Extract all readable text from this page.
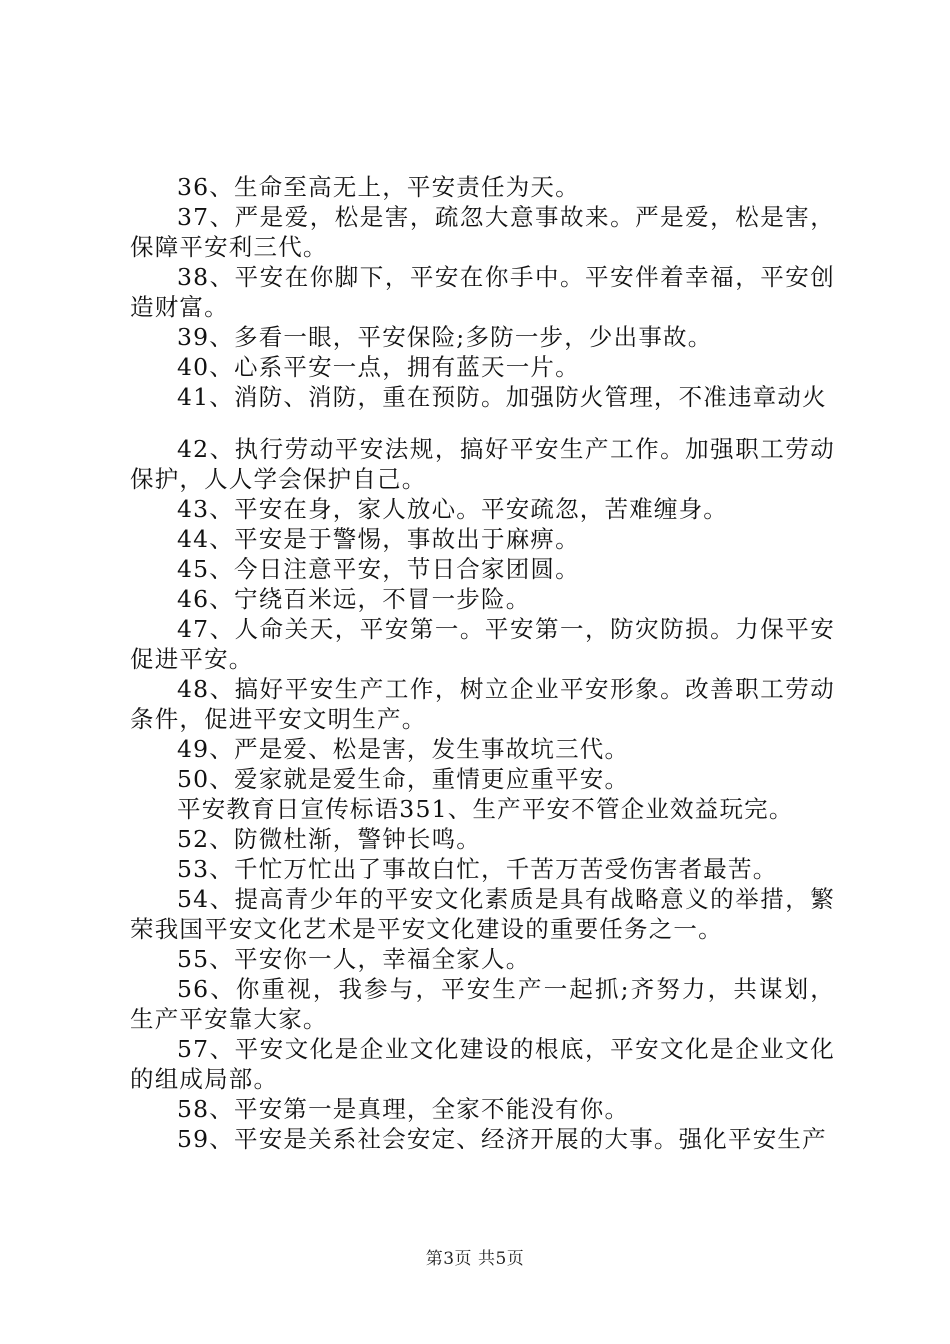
36、生命至高无上，平安责任为天。

37、严是爱，松是害，疏忽大意事故来。严是爱，松是害，保障平安利三代。

38、平安在你脚下，平安在你手中。平安伴着幸福，平安创造财富。

39、多看一眼，平安保险;多防一步，少出事故。

40、心系平安一点，拥有蓝天一片。

41、消防、消防，重在预防。加强防火管理，不准违章动火

42、执行劳动平安法规，搞好平安生产工作。加强职工劳动保护，人人学会保护自己。

43、平安在身，家人放心。平安疏忽，苦难缠身。

44、平安是于警惕，事故出于麻痹。

45、今日注意平安，节日合家团圆。

46、宁绕百米远，不冒一步险。

47、人命关天，平安第一。平安第一，防灾防损。力保平安促进平安。

48、搞好平安生产工作，树立企业平安形象。改善职工劳动条件，促进平安文明生产。

49、严是爱、松是害，发生事故坑三代。

50、爱家就是爱生命，重情更应重平安。

平安教育日宣传标语351、生产平安不管企业效益玩完。

52、防微杜渐，警钟长鸣。

53、千忙万忙出了事故白忙，千苦万苦受伤害者最苦。

54、提高青少年的平安文化素质是具有战略意义的举措，繁荣我国平安文化艺术是平安文化建设的重要任务之一。

55、平安你一人，幸福全家人。

56、你重视，我参与，平安生产一起抓;齐努力，共谋划，生产平安靠大家。

57、平安文化是企业文化建设的根底，平安文化是企业文化的组成局部。

58、平安第一是真理，全家不能没有你。

59、平安是关系社会安定、经济开展的大事。强化平安生产

第3页 共5页
